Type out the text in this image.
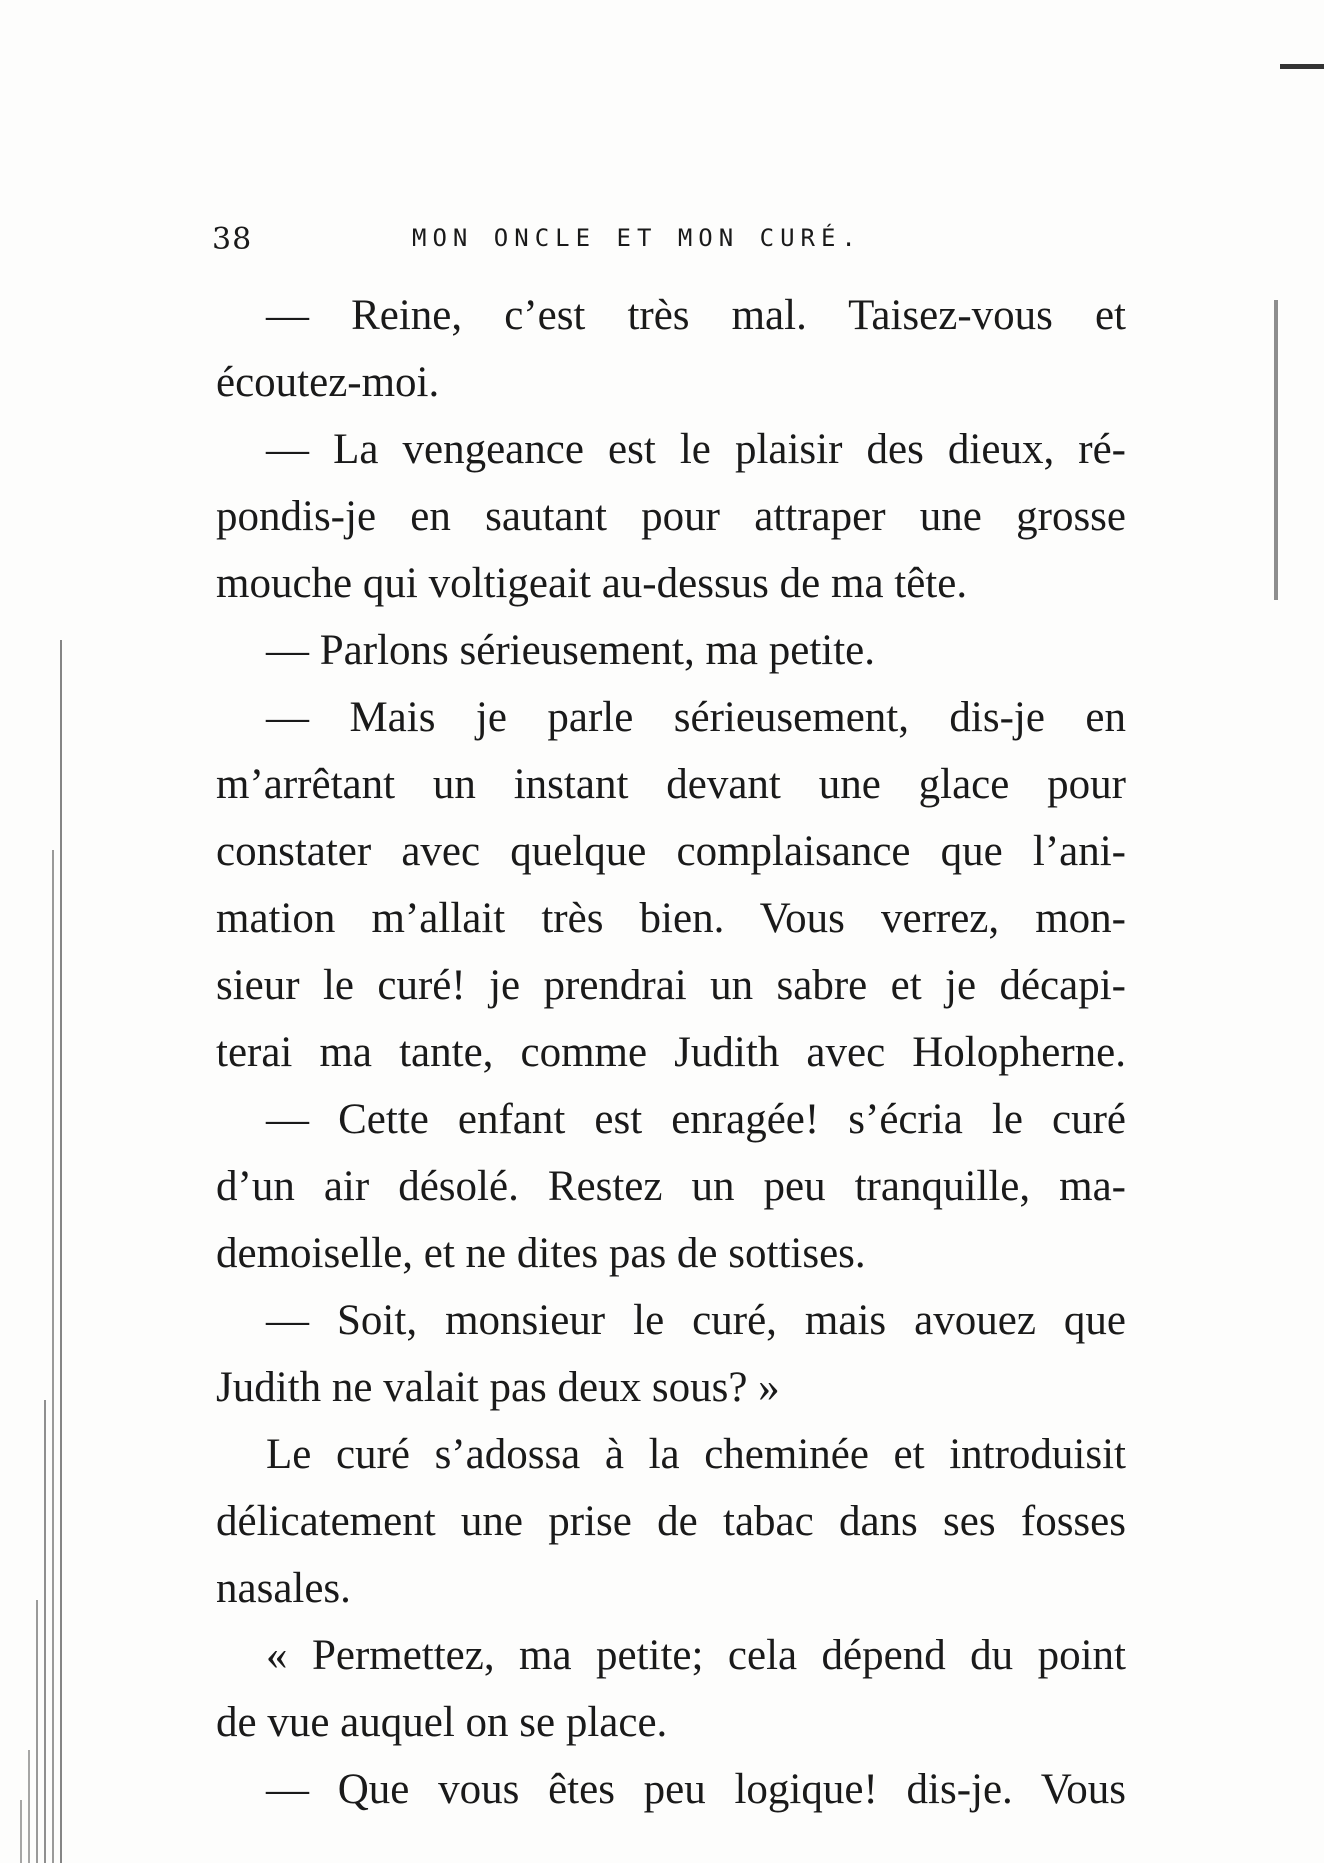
38	MON ONCLE ET MON CURÉ.
— Reine, c’est très mal. Taisez-vous et
écoutez-moi.
— La vengeance est le plaisir des dieux, ré-
pondis-je en sautant pour attraper une grosse
mouche qui voltigeait au-dessus de ma tête.
— Parlons sérieusement, ma petite.
— Mais je parle sérieusement, dis-je en
m’arrêtant un instant devant une glace pour
constater avec quelque complaisance que l’ani-
mation m’allait très bien. Vous verrez, mon-
sieur le curé! je prendrai un sabre et je décapi-
terai ma tante, comme Judith avec Holopherne.
— Cette enfant est enragée! s’écria le curé
d’un air désolé. Restez un peu tranquille, ma-
demoiselle, et ne dites pas de sottises.
— Soit, monsieur le curé, mais avouez que
Judith ne valait pas deux sous? »
Le curé s’adossa à la cheminée et introduisit
délicatement une prise de tabac dans ses fosses
nasales.
« Permettez, ma petite; cela dépend du point
de vue auquel on se place.
— Que vous êtes peu logique! dis-je. Vous
